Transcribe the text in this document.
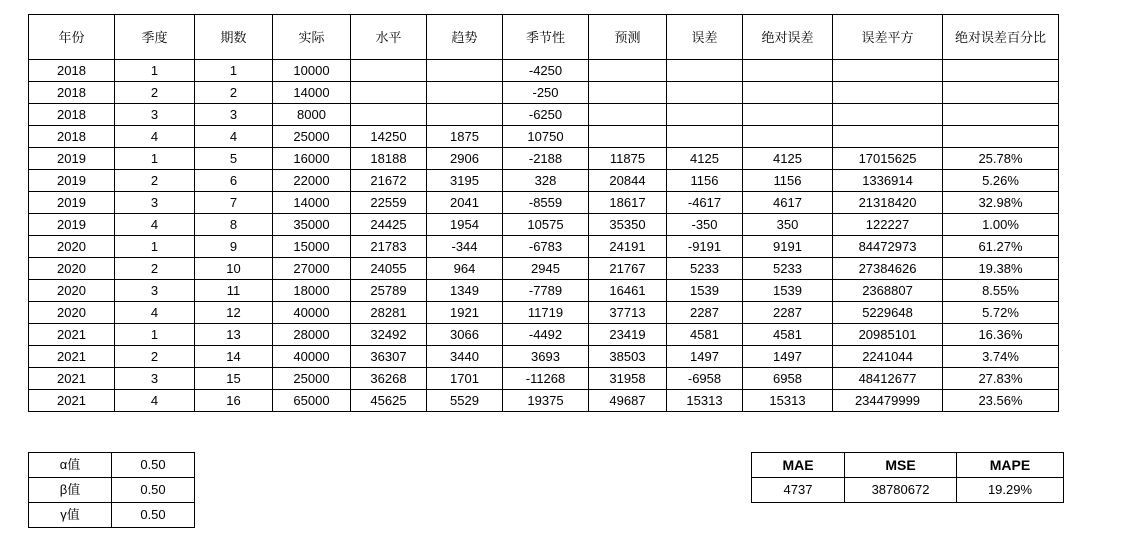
年份	季度	期数	实际	水平	趋势	季节性	预测	误差	绝对误差	误差平方	绝对误差百分比
2018	1	1	10000			-4250					
2018	2	2	14000			-250					
2018	3	3	8000			-6250					
2018	4	4	25000	14250	1875	10750					
2019	1	5	16000	18188	2906	-2188	11875	4125	4125	17015625	25.78%
2019	2	6	22000	21672	3195	328	20844	1156	1156	1336914	5.26%
2019	3	7	14000	22559	2041	-8559	18617	-4617	4617	21318420	32.98%
2019	4	8	35000	24425	1954	10575	35350	-350	350	122227	1.00%
2020	1	9	15000	21783	-344	-6783	24191	-9191	9191	84472973	61.27%
2020	2	10	27000	24055	964	2945	21767	5233	5233	27384626	19.38%
2020	3	11	18000	25789	1349	-7789	16461	1539	1539	2368807	8.55%
2020	4	12	40000	28281	1921	11719	37713	2287	2287	5229648	5.72%
2021	1	13	28000	32492	3066	-4492	23419	4581	4581	20985101	16.36%
2021	2	14	40000	36307	3440	3693	38503	1497	1497	2241044	3.74%
2021	3	15	25000	36268	1701	-11268	31958	-6958	6958	48412677	27.83%
2021	4	16	65000	45625	5529	19375	49687	15313	15313	234479999	23.56%
α值	0.50
β值	0.50
γ值	0.50
MAE	MSE	MAPE
4737	38780672	19.29%
